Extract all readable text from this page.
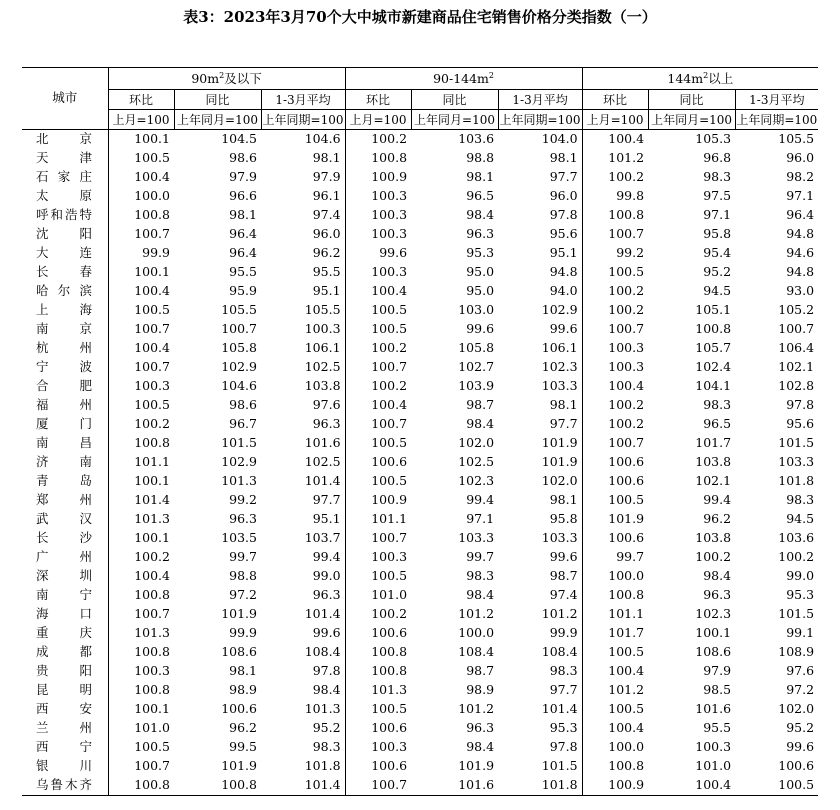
表3：2023年3月70个大中城市新建商品住宅销售价格分类指数（一）
城市	$90m^2$及以下			$90-144m^2$			$144m^2$以上		
	环比	同比	1-3月平均	环比	同比	1-3月平均	环比	同比	1-3月平均
	上月=100	上年同月=100	上年同期=100	上月=100	上年同月=100	上年同期=100	上月=100	上年同月=100	上年同期=100

北京	100.1	104.5	104.6	100.2	103.6	104.0	100.4	105.3	105.5

天津	100.5	98.6	98.1	100.8	98.8	98.1	101.2	96.8	96.0

石家庄	100.4	97.9	97.9	100.9	98.1	97.7	100.2	98.3	98.2

太原	100.0	96.6	96.1	100.3	96.5	96.0	99.8	97.5	97.1

呼和浩特	100.8	98.1	97.4	100.3	98.4	97.8	100.8	97.1	96.4

沈阳	100.7	96.4	96.0	100.3	96.3	95.6	100.7	95.8	94.8

大连	99.9	96.4	96.2	99.6	95.3	95.1	99.2	95.4	94.6

长春	100.1	95.5	95.5	100.3	95.0	94.8	100.5	95.2	94.8

哈尔滨	100.4	95.9	95.1	100.4	95.0	94.0	100.2	94.5	93.0

上海	100.5	105.5	105.5	100.5	103.0	102.9	100.2	105.1	105.2

南京	100.7	100.7	100.3	100.5	99.6	99.6	100.7	100.8	100.7

杭州	100.4	105.8	106.1	100.2	105.8	106.1	100.3	105.7	106.4

宁波	100.7	102.9	102.5	100.7	102.7	102.3	100.3	102.4	102.1

合肥	100.3	104.6	103.8	100.2	103.9	103.3	100.4	104.1	102.8

福州	100.5	98.6	97.6	100.4	98.7	98.1	100.2	98.3	97.8

厦门	100.2	96.7	96.3	100.7	98.4	97.7	100.2	96.5	95.6

南昌	100.8	101.5	101.6	100.5	102.0	101.9	100.7	101.7	101.5

济南	101.1	102.9	102.5	100.6	102.5	101.9	100.6	103.8	103.3

青岛	100.1	101.3	101.4	100.5	102.3	102.0	100.6	102.1	101.8

郑州	101.4	99.2	97.7	100.9	99.4	98.1	100.5	99.4	98.3

武汉	101.3	96.3	95.1	101.1	97.1	95.8	101.9	96.2	94.5

长沙	100.1	103.5	103.7	100.7	103.3	103.3	100.6	103.8	103.6

广州	100.2	99.7	99.4	100.3	99.7	99.6	99.7	100.2	100.2

深圳	100.4	98.8	99.0	100.5	98.3	98.7	100.0	98.4	99.0

南宁	100.8	97.2	96.3	101.0	98.4	97.4	100.8	96.3	95.3

海口	100.7	101.9	101.4	100.2	101.2	101.2	101.1	102.3	101.5

重庆	101.3	99.9	99.6	100.6	100.0	99.9	101.7	100.1	99.1

成都	100.8	108.6	108.4	100.8	108.4	108.4	100.5	108.6	108.9

贵阳	100.3	98.1	97.8	100.8	98.7	98.3	100.4	97.9	97.6

昆明	100.8	98.9	98.4	101.3	98.9	97.7	101.2	98.5	97.2

西安	100.1	100.6	101.3	100.5	101.2	101.4	100.5	101.6	102.0

兰州	101.0	96.2	95.2	100.6	96.3	95.3	100.4	95.5	95.2

西宁	100.5	99.5	98.3	100.3	98.4	97.8	100.0	100.3	99.6

银川	100.7	101.9	101.8	100.6	101.9	101.5	100.8	101.0	100.6

乌鲁木齐	100.8	100.8	101.4	100.7	101.6	101.8	100.9	100.4	100.5
